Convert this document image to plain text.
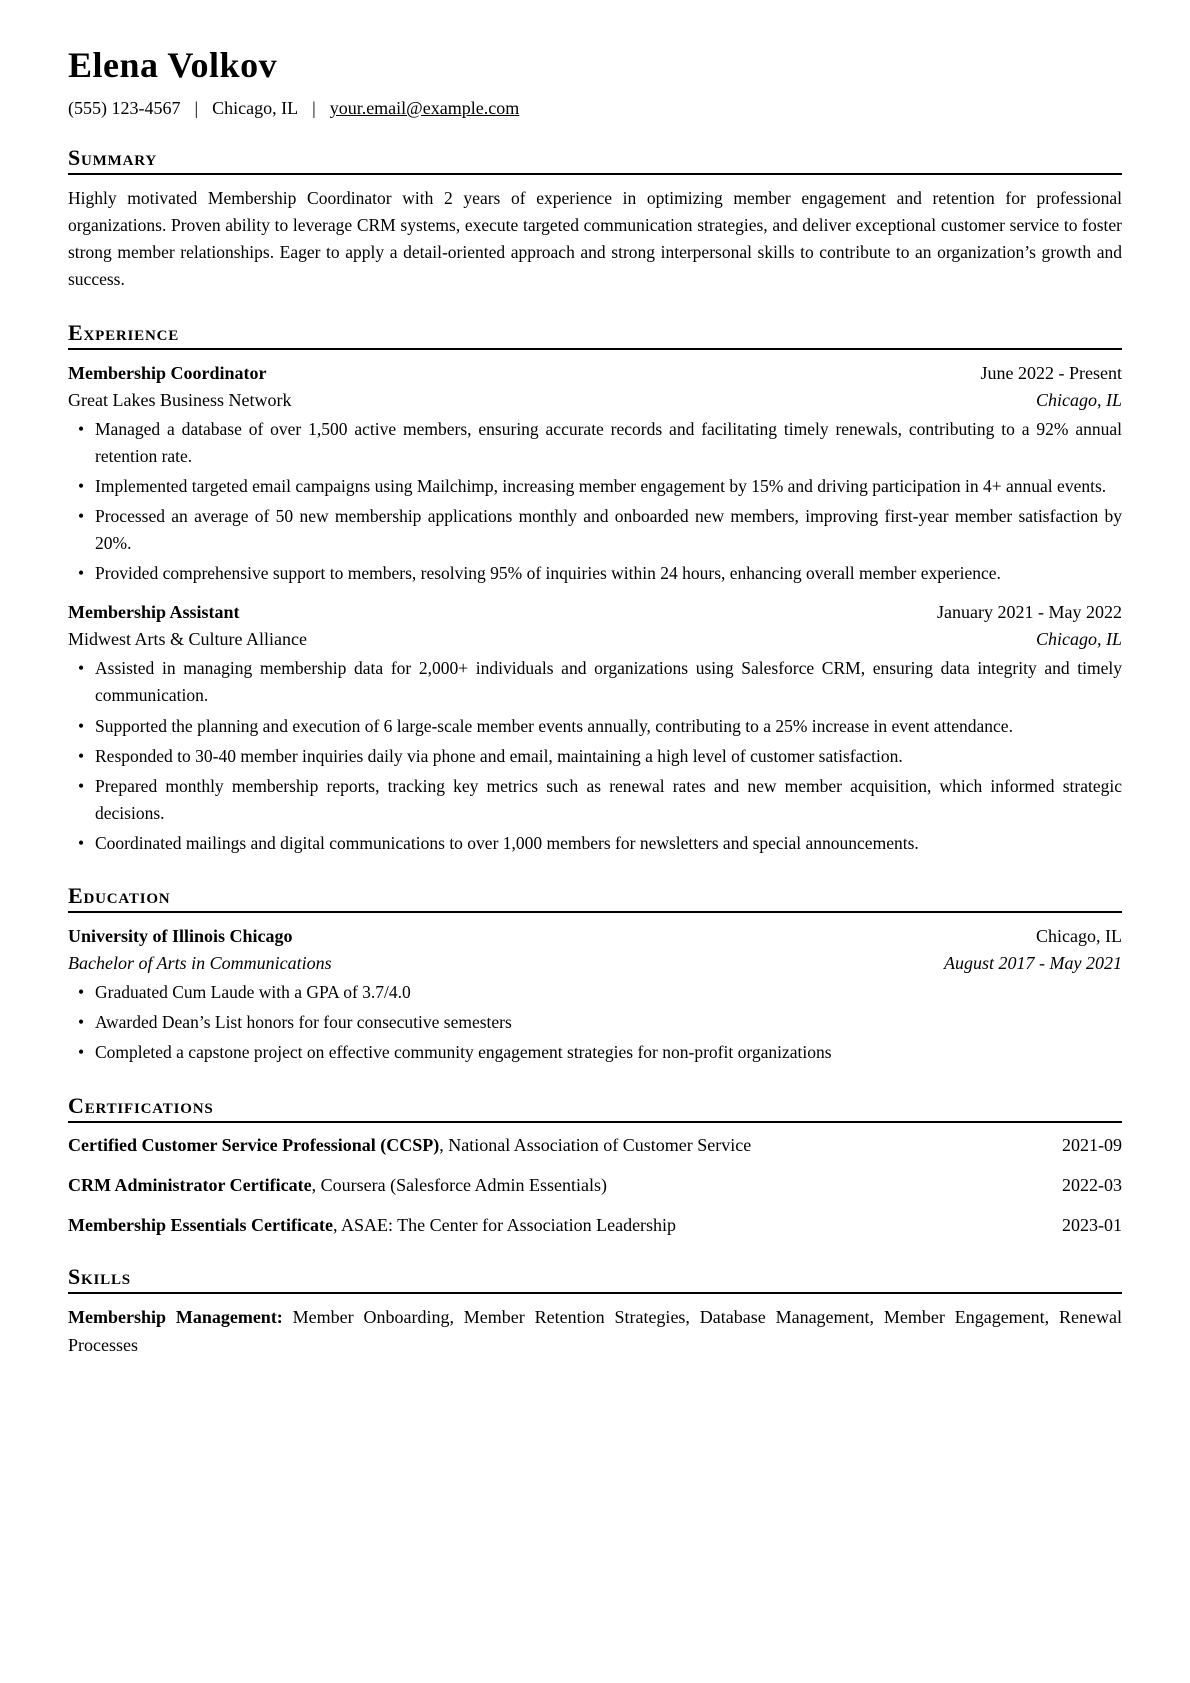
Elena Volkov
(555) 123-4567 | Chicago, IL | your.email@example.com
Summary

Highly motivated Membership Coordinator with 2 years of experience in optimizing member engagement and retention for professional organizations. Proven ability to leverage CRM systems, execute targeted communication strategies, and deliver exceptional customer service to foster strong member relationships. Eager to apply a detail-oriented approach and strong interpersonal skills to contribute to an organization’s growth and success.

Experience
Membership Coordinator	June 2022 - Present
Great Lakes Business Network	Chicago, IL
• Managed a database of over 1,500 active members, ensuring accurate records and facilitating timely renewals, contributing to a 92% annual retention rate.
• Implemented targeted email campaigns using Mailchimp, increasing member engagement by 15% and driving participation in 4+ annual events.
• Processed an average of 50 new membership applications monthly and onboarded new members, improving first-year member satisfaction by 20%.
• Provided comprehensive support to members, resolving 95% of inquiries within 24 hours, enhancing overall member experience.
Membership Assistant	January 2021 - May 2022
Midwest Arts & Culture Alliance	Chicago, IL
• Assisted in managing membership data for 2,000+ individuals and organizations using Salesforce CRM, ensuring data integrity and timely communication.
• Supported the planning and execution of 6 large-scale member events annually, contributing to a 25% increase in event attendance.
• Responded to 30-40 member inquiries daily via phone and email, maintaining a high level of customer satisfaction.
• Prepared monthly membership reports, tracking key metrics such as renewal rates and new member acquisition, which informed strategic decisions.
• Coordinated mailings and digital communications to over 1,000 members for newsletters and special announcements.
Education
University of Illinois Chicago	Chicago, IL
Bachelor of Arts in Communications	August 2017 - May 2021
• Graduated Cum Laude with a GPA of 3.7/4.0
• Awarded Dean’s List honors for four consecutive semesters
• Completed a capstone project on effective community engagement strategies for non-profit organizations
Certifications
Certified Customer Service Professional (CCSP), National Association of Customer Service	2021-09
CRM Administrator Certificate, Coursera (Salesforce Admin Essentials)	2022-03
Membership Essentials Certificate, ASAE: The Center for Association Leadership	2023-01
Skills

Membership Management: Member Onboarding, Member Retention Strategies, Database Management, Member Engagement, Renewal Processes
